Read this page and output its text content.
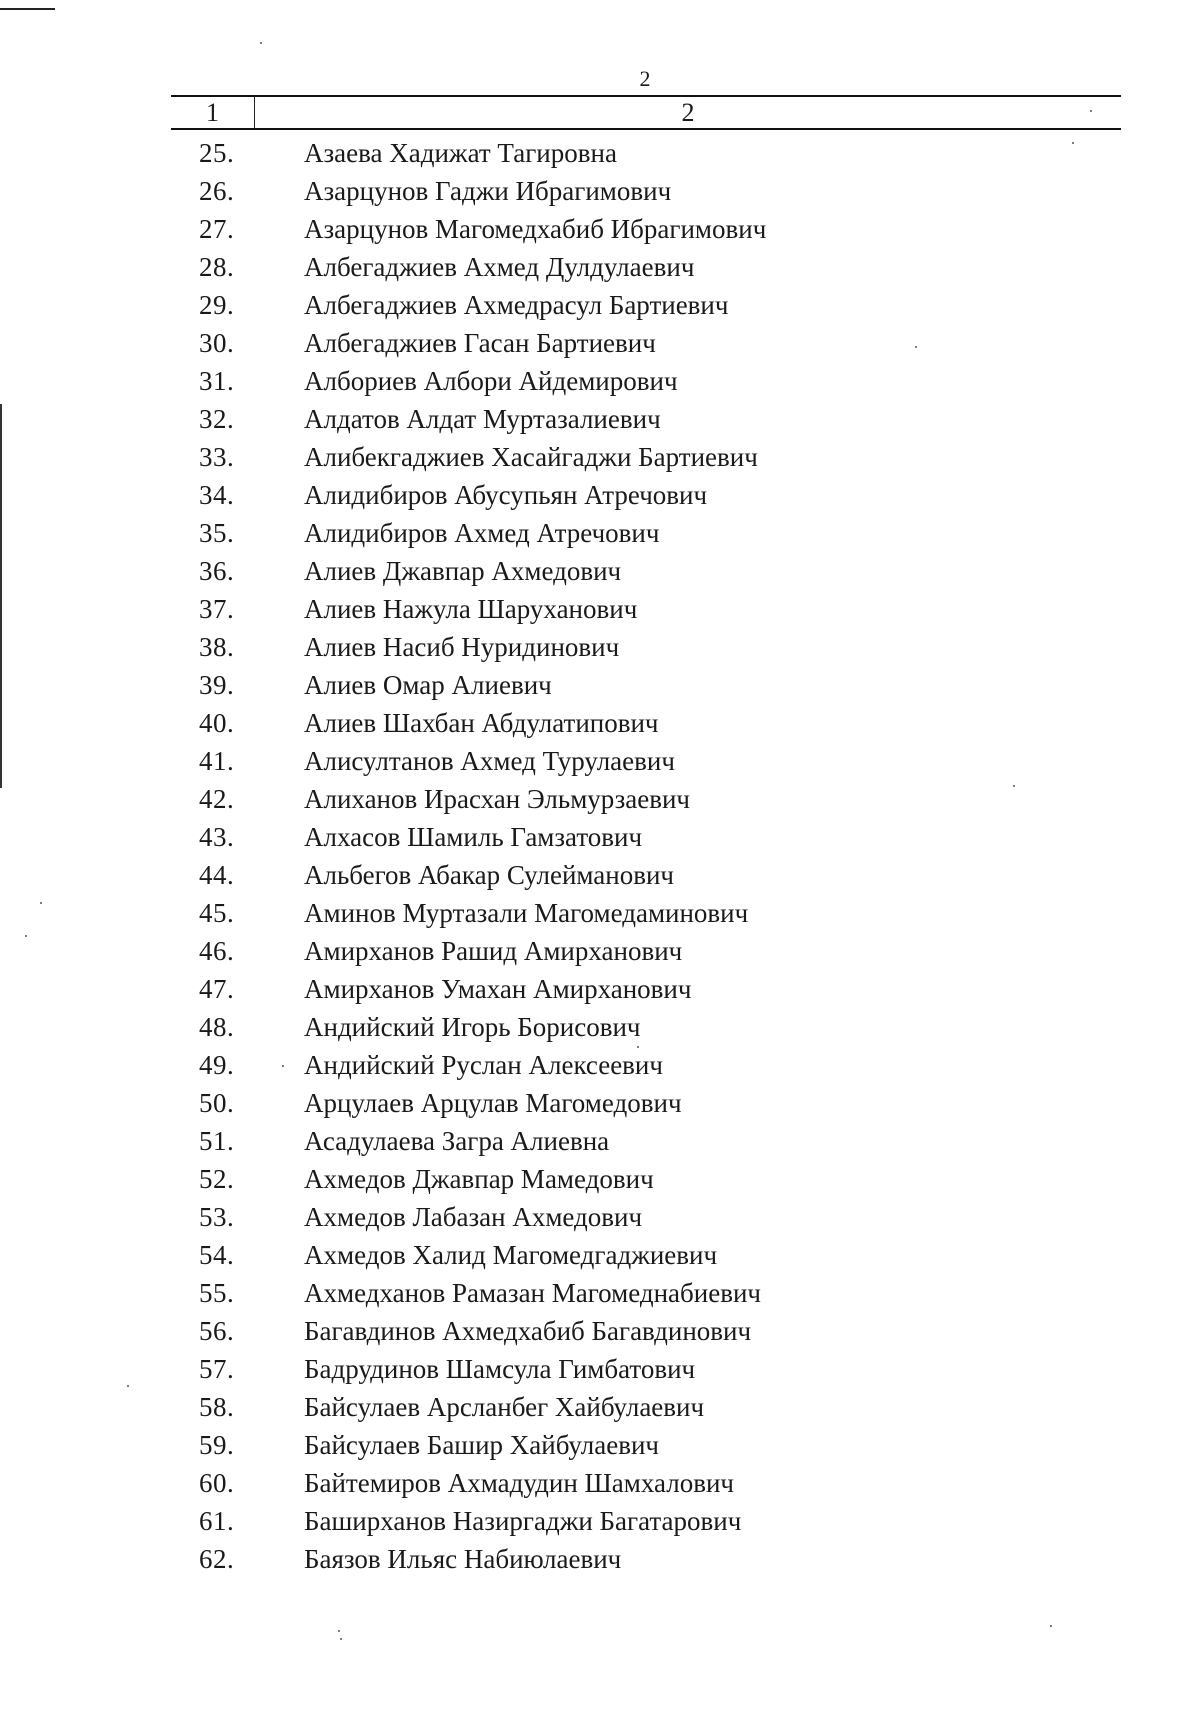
2
1	2
25.	Азаева Хадижат Тагировна
26.	Азарцунов Гаджи Ибрагимович
27.	Азарцунов Магомедхабиб Ибрагимович
28.	Албегаджиев Ахмед Дулдулаевич
29.	Албегаджиев Ахмедрасул Бартиевич
30.	Албегаджиев Гасан Бартиевич
31.	Албориев Албори Айдемирович
32.	Алдатов Алдат Муртазалиевич
33.	Алибекгаджиев Хасайгаджи Бартиевич
34.	Алидибиров Абусупьян Атречович
35.	Алидибиров Ахмед Атречович
36.	Алиев Джавпар Ахмедович
37.	Алиев Нажула Шаруханович
38.	Алиев Насиб Нуридинович
39.	Алиев Омар Алиевич
40.	Алиев Шахбан Абдулатипович
41.	Алисултанов Ахмед Турулаевич
42.	Алиханов Ирасхан Эльмурзаевич
43.	Алхасов Шамиль Гамзатович
44.	Альбегов Абакар Сулейманович
45.	Аминов Муртазали Магомедаминович
46.	Амирханов Рашид Амирханович
47.	Амирханов Умахан Амирханович
48.	Андийский Игорь Борисович
49.	Андийский Руслан Алексеевич
50.	Арцулаев Арцулав Магомедович
51.	Асадулаева Загра Алиевна
52.	Ахмедов Джавпар Мамедович
53.	Ахмедов Лабазан Ахмедович
54.	Ахмедов Халид Магомедгаджиевич
55.	Ахмедханов Рамазан Магомеднабиевич
56.	Багавдинов Ахмедхабиб Багавдинович
57.	Бадрудинов Шамсула Гимбатович
58.	Байсулаев Арсланбег Хайбулаевич
59.	Байсулаев Башир Хайбулаевич
60.	Байтемиров Ахмадудин Шамхалович
61.	Баширханов Назиргаджи Багатарович
62.	Баязов Ильяс Набиюлаевич
